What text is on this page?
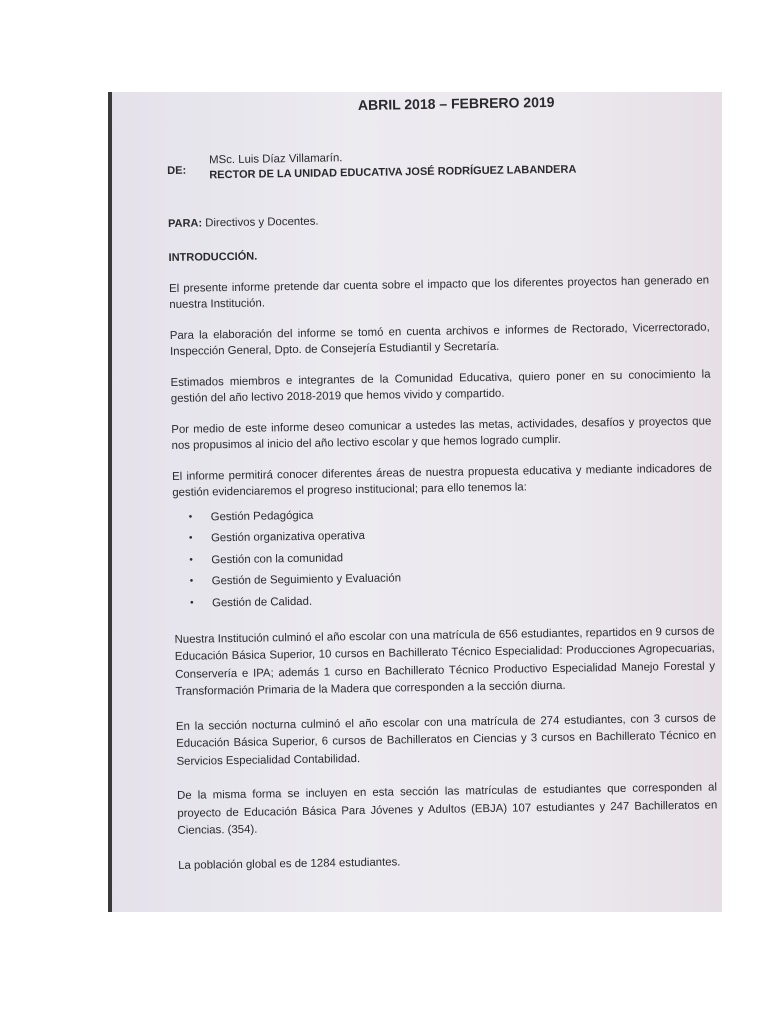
ABRIL 2018 – FEBRERO 2019
DE:
MSc. Luis Díaz Villamarín.
RECTOR DE LA UNIDAD EDUCATIVA JOSÉ RODRÍGUEZ LABANDERA
PARA: Directivos y Docentes.
INTRODUCCIÓN.

El presente informe pretende dar cuenta sobre el impacto que los diferentes proyectos han generado en nuestra Institución.

Para la elaboración del informe se tomó en cuenta archivos e informes de Rectorado, Vicerrectorado, Inspección General, Dpto. de Consejería Estudiantil y Secretaría.

Estimados miembros e integrantes de la Comunidad Educativa, quiero poner en su conocimiento la gestión del año lectivo 2018-2019 que hemos vivido y compartido.

Por medio de este informe deseo comunicar a ustedes las metas, actividades, desafíos y proyectos que nos propusimos al inicio del año lectivo escolar y que hemos logrado cumplir.

El informe permitirá conocer diferentes áreas de nuestra propuesta educativa y mediante indicadores de gestión evidenciaremos el progreso institucional; para ello tenemos la:

•	Gestión Pedagógica
•	Gestión organizativa operativa
•	Gestión con la comunidad
•	Gestión de Seguimiento y Evaluación
•	Gestión de Calidad.

Nuestra Institución culminó el año escolar con una matrícula de 656 estudiantes, repartidos en 9 cursos de Educación Básica Superior, 10 cursos en Bachillerato Técnico Especialidad: Producciones Agropecuarias, Conservería e IPA; además 1 curso en Bachillerato Técnico Productivo Especialidad Manejo Forestal y Transformación Primaria de la Madera que corresponden a la sección diurna.

En la sección nocturna culminó el año escolar con una matrícula de 274 estudiantes, con 3 cursos de Educación Básica Superior, 6 cursos de Bachilleratos en Ciencias y 3 cursos en Bachillerato Técnico en Servicios Especialidad Contabilidad.

De la misma forma se incluyen en esta sección las matrículas de estudiantes que corresponden al proyecto de Educación Básica Para Jóvenes y Adultos (EBJA) 107 estudiantes y 247 Bachilleratos en Ciencias. (354).

La población global es de 1284 estudiantes.
